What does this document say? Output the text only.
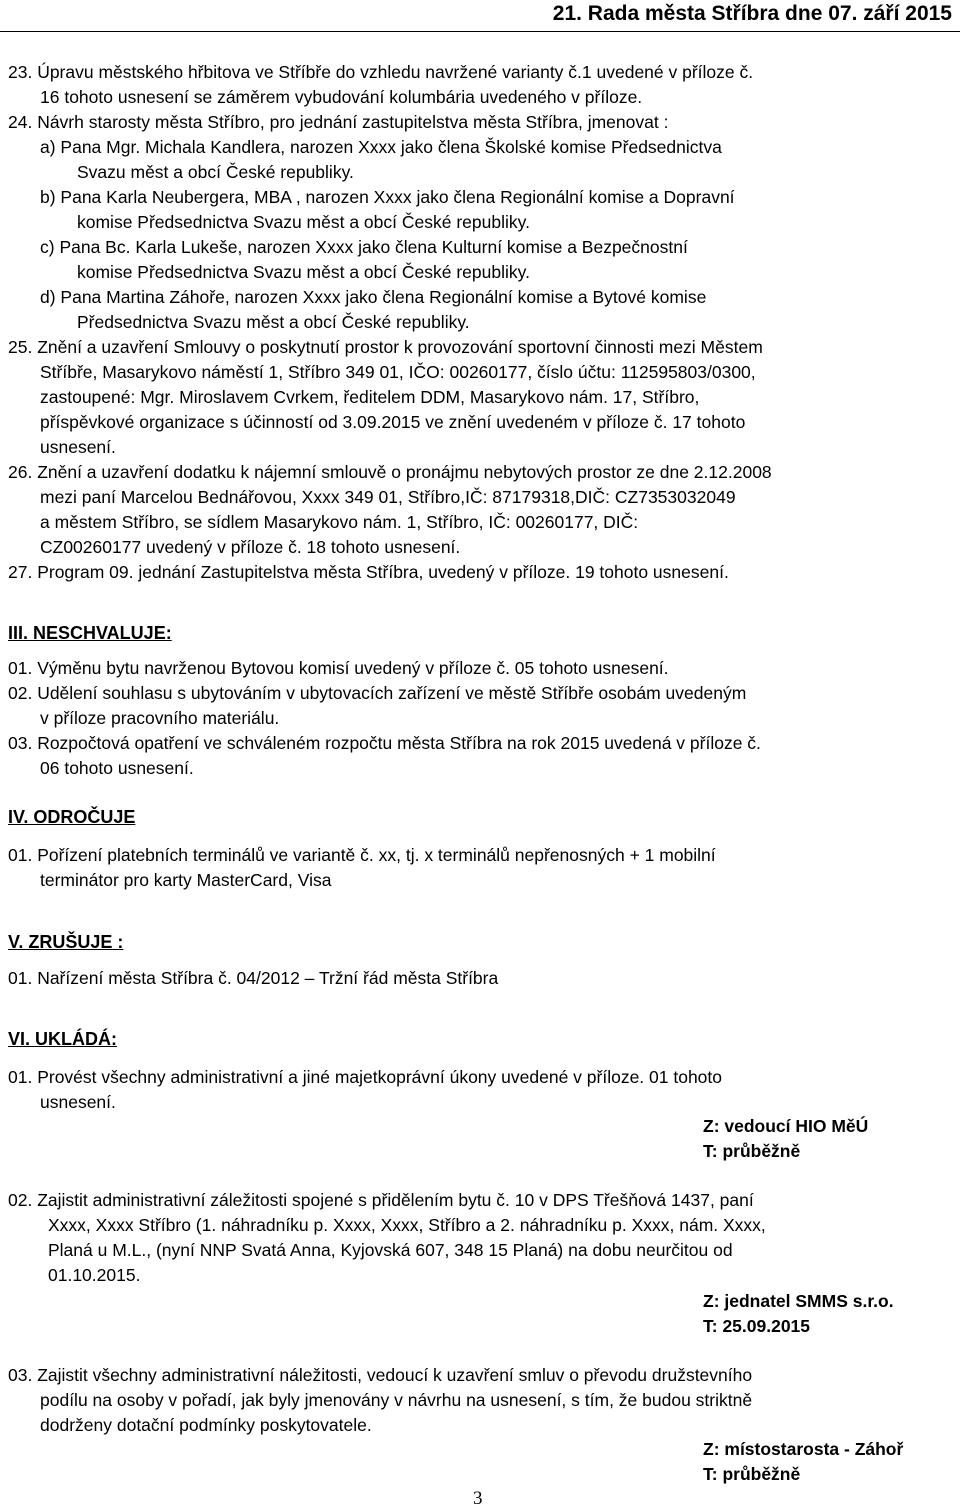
21. Rada města Stříbra dne 07. září 2015
23. Úpravu městského hřbitova ve Stříbře do vzhledu navržené varianty č.1 uvedené v příloze č.
16 tohoto usnesení se záměrem vybudování kolumbária uvedeného v příloze.
24. Návrh starosty města Stříbro, pro jednání zastupitelstva města Stříbra, jmenovat :
a) Pana Mgr. Michala Kandlera, narozen Xxxx jako člena Školské komise Předsednictva
Svazu měst a obcí České republiky.
b) Pana Karla Neubergera, MBA , narozen Xxxx jako člena Regionální komise a Dopravní
komise Předsednictva Svazu měst a obcí České republiky.
c) Pana Bc. Karla Lukeše, narozen Xxxx jako člena Kulturní komise a Bezpečnostní
komise Předsednictva Svazu měst a obcí České republiky.
d) Pana Martina Záhoře, narozen Xxxx jako člena Regionální komise a Bytové komise
Předsednictva Svazu měst a obcí České republiky.
25. Znění a uzavření Smlouvy o poskytnutí prostor k provozování sportovní činnosti mezi Městem
Stříbře, Masarykovo náměstí 1, Stříbro 349 01, IČO: 00260177, číslo účtu: 112595803/0300,
zastoupené: Mgr. Miroslavem Cvrkem, ředitelem DDM, Masarykovo nám. 17, Stříbro,
příspěvkové organizace s účinností od 3.09.2015 ve znění uvedeném v příloze č. 17 tohoto
usnesení.
26. Znění a uzavření dodatku k nájemní smlouvě o pronájmu nebytových prostor ze dne 2.12.2008
mezi paní Marcelou Bednářovou, Xxxx 349 01, Stříbro,IČ: 87179318,DIČ: CZ7353032049
a městem Stříbro, se sídlem Masarykovo nám. 1, Stříbro, IČ: 00260177, DIČ:
CZ00260177 uvedený v příloze č. 18 tohoto usnesení.
27. Program 09. jednání Zastupitelstva města Stříbra, uvedený v příloze. 19 tohoto usnesení.
III. NESCHVALUJE:
01. Výměnu bytu navrženou Bytovou komisí uvedený v příloze č. 05 tohoto usnesení.
02. Udělení souhlasu s ubytováním v ubytovacích zařízení ve městě Stříbře osobám uvedeným
v příloze pracovního materiálu.
03. Rozpočtová opatření ve schváleném rozpočtu města Stříbra na rok 2015 uvedená v příloze č.
06 tohoto usnesení.
IV. ODROČUJE
01. Pořízení platebních terminálů ve variantě č. xx, tj. x terminálů nepřenosných + 1 mobilní
terminátor pro karty MasterCard, Visa
V. ZRUŠUJE :
01. Nařízení města Stříbra č. 04/2012 – Tržní řád města Stříbra
VI. UKLÁDÁ:
01. Provést všechny administrativní a jiné majetkoprávní úkony uvedené v příloze. 01 tohoto
usnesení.
Z: vedoucí HIO MěÚ
T: průběžně
02. Zajistit administrativní záležitosti spojené s přidělením bytu č. 10 v DPS Třešňová 1437, paní
Xxxx, Xxxx Stříbro (1. náhradníku p. Xxxx, Xxxx, Stříbro a 2. náhradníku p. Xxxx, nám. Xxxx,
Planá u M.L., (nyní NNP Svatá Anna, Kyjovská 607, 348 15 Planá) na dobu neurčitou od
01.10.2015.
Z: jednatel SMMS s.r.o.
T: 25.09.2015
03. Zajistit všechny administrativní náležitosti, vedoucí k uzavření smluv o převodu družstevního
podílu na osoby v pořadí, jak byly jmenovány v návrhu na usnesení, s tím, že budou striktně
dodrženy dotační podmínky poskytovatele.
Z: místostarosta - Záhoř
T: průběžně
3
